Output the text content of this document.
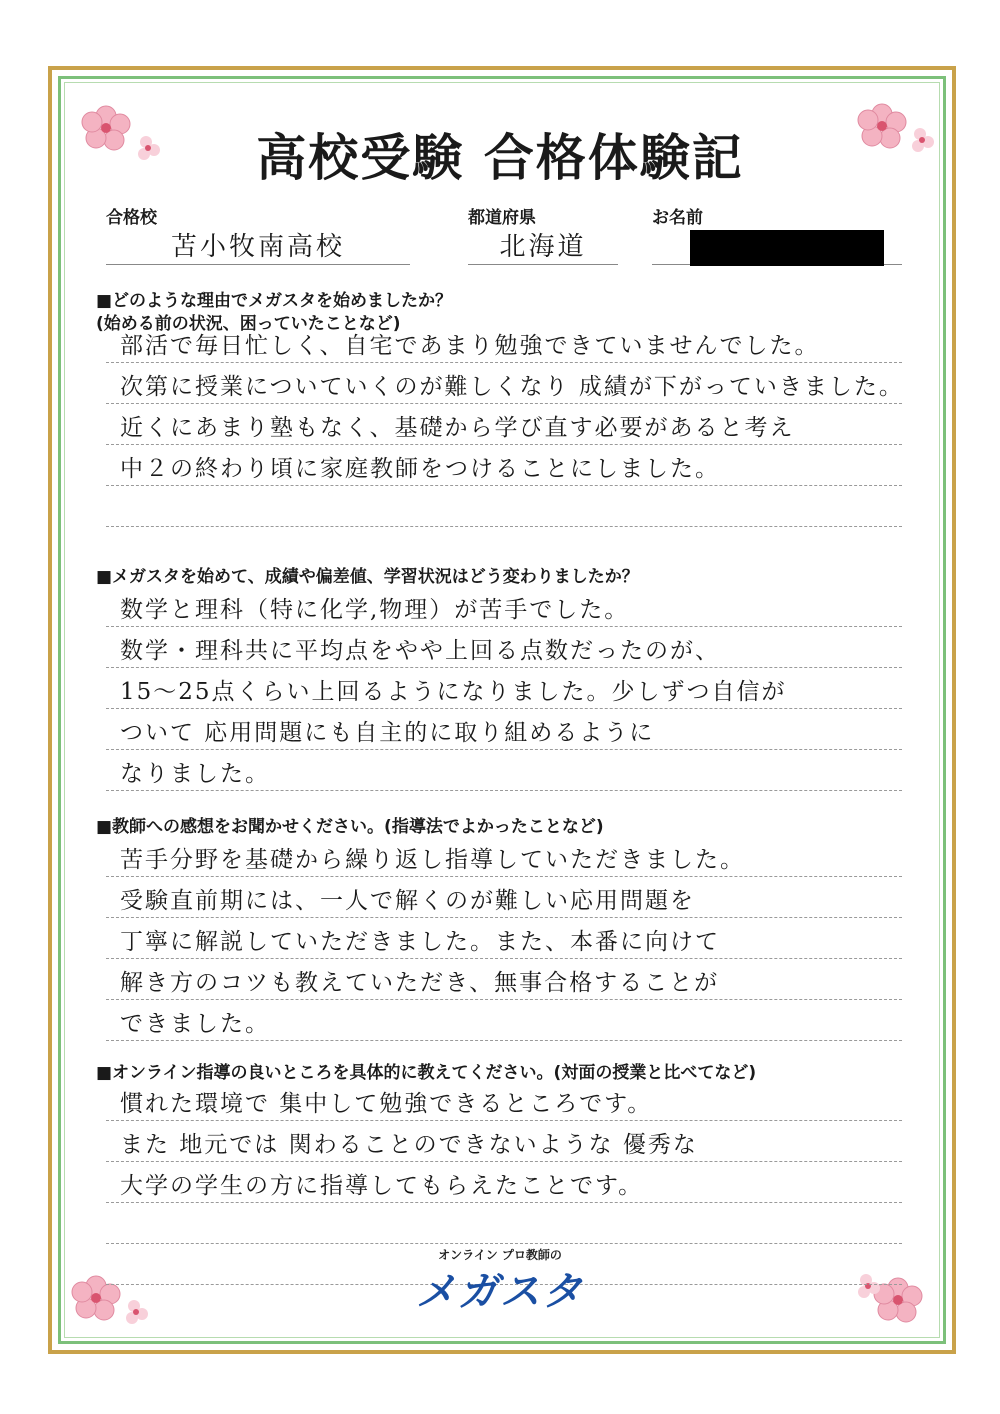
高校受験 合格体験記
合格校
苫小牧南高校
都道府県
北海道
お名前
■どのような理由でメガスタを始めましたか？
(始める前の状況、困っていたことなど)
部活で毎日忙しく、自宅であまり勉強できていませんでした。
次第に授業についていくのが難しくなり 成績が下がっていきました。
近くにあまり塾もなく、基礎から学び直す必要があると考え
中２の終わり頃に家庭教師をつけることにしました。
■メガスタを始めて、成績や偏差値、学習状況はどう変わりましたか？
数学と理科（特に化学,物理）が苦手でした。
数学・理科共に平均点をやや上回る点数だったのが、
15～25点くらい上回るようになりました。少しずつ自信が
ついて 応用問題にも自主的に取り組めるように
なりました。
■教師への感想をお聞かせください。(指導法でよかったことなど)
苦手分野を基礎から繰り返し指導していただきました。
受験直前期には、一人で解くのが難しい応用問題を
丁寧に解説していただきました。また、本番に向けて
解き方のコツも教えていただき、無事合格することが
できました。
■オンライン指導の良いところを具体的に教えてください。(対面の授業と比べてなど)
慣れた環境で 集中して勉強できるところです。
また 地元では 関わることのできないような 優秀な
大学の学生の方に指導してもらえたことです。
オンライン プロ教師の
メガスタ
